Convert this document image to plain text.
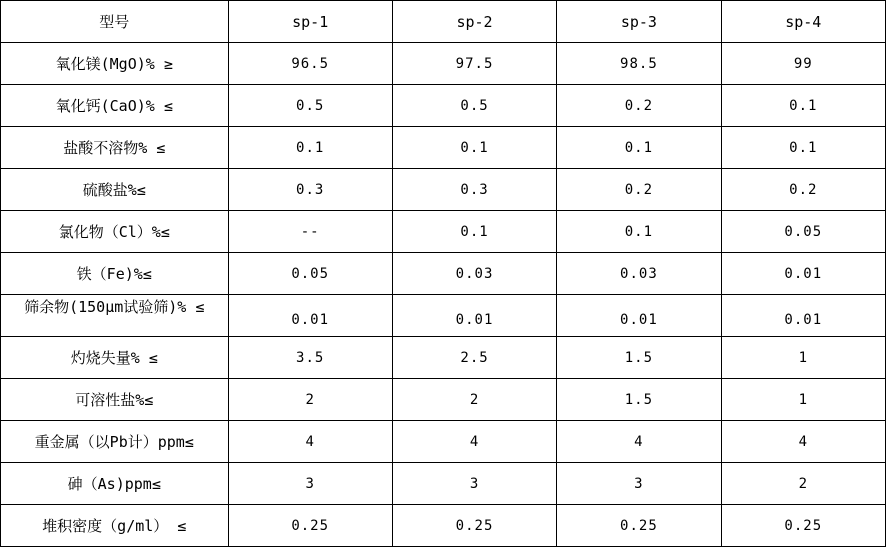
型号	sp-1	sp-2	sp-3	sp-4
氧化镁(MgO)% ≥	96.5	97.5	98.5	99
氧化钙(CaO)% ≤	0.5	0.5	0.2	0.1
盐酸不溶物% ≤	0.1	0.1	0.1	0.1
硫酸盐%≤	0.3	0.3	0.2	0.2
氯化物（Cl）%≤	--	0.1	0.1	0.05
铁（Fe)%≤	0.05	0.03	0.03	0.01
筛余物(150μm试验筛)% ≤	0.01	0.01	0.01	0.01
灼烧失量% ≤	3.5	2.5	1.5	1
可溶性盐%≤	2	2	1.5	1
重金属（以Pb计）ppm≤	4	4	4	4
砷（As)ppm≤	3	3	3	2
堆积密度（g/ml） ≤	0.25	0.25	0.25	0.25
